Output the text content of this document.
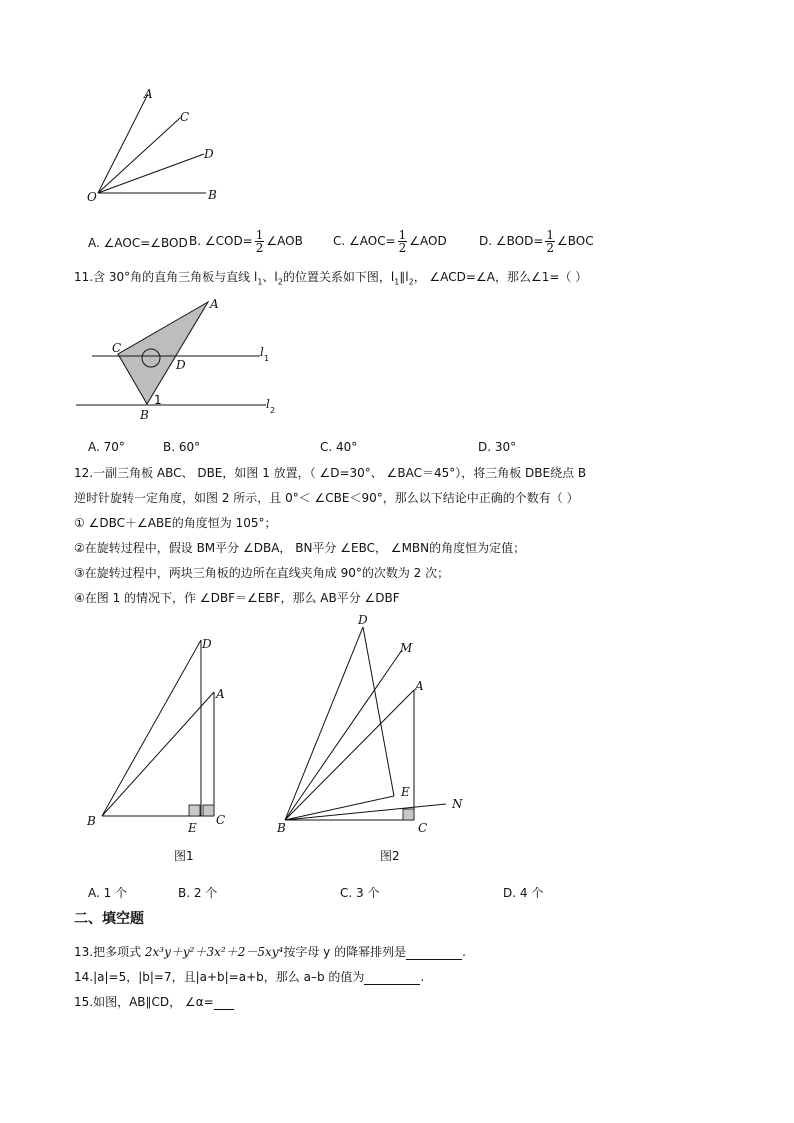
A
C
D
O	B
A. ∠AOC=∠BOD B. ∠COD= $\frac{1}{2}$ ∠AOB	C. ∠AOC= $\frac{1}{2}$ ∠AOD	D. ∠BOD= $\frac{1}{2}$ ∠BOC
11.含 30°角的直角三角板与直线 $l_1$、$l_2$的位置关系如下图，$l_1\parallel l_2$， ∠ACD=∠A，那么∠1=（ ）
A
C
D
B
1
l 1
l 2
A. 70°	B. 60°	C. 40°	D. 30°
12.一副三角板 ABC、 DBE，如图 1 放置，（ ∠D=30°、 ∠BAC＝45°），将三角板 DBE绕点 B
逆时针旋转一定角度，如图 2 所示，且 0°＜ ∠CBE＜90°，那么以下结论中正确的个数有（ ）
① ∠DBC＋∠ABE的角度恒为 105°；
②在旋转过程中，假设 BM平分 ∠DBA， BN平分 ∠EBC， ∠MBN的角度恒为定值；
③在旋转过程中，两块三角板的边所在直线夹角成 90°的次数为 2 次；
④在图 1 的情况下，作 ∠DBF＝∠EBF，那么 AB平分 ∠DBF
D
A
B	E
C
图1
D
M
A
E
N
B	C
图2
A. 1 个	B. 2 个	C. 3 个	D. 4 个
二、填空题
13.把多项式 2x³y＋y²＋3x²＋2－5xy⁴按字母 y 的降幂排列是	.
14.|a|=5，|b|=7，且|a+b|=a+b，那么 a–b 的值为	.
15.如图，AB∥CD， ∠α=
